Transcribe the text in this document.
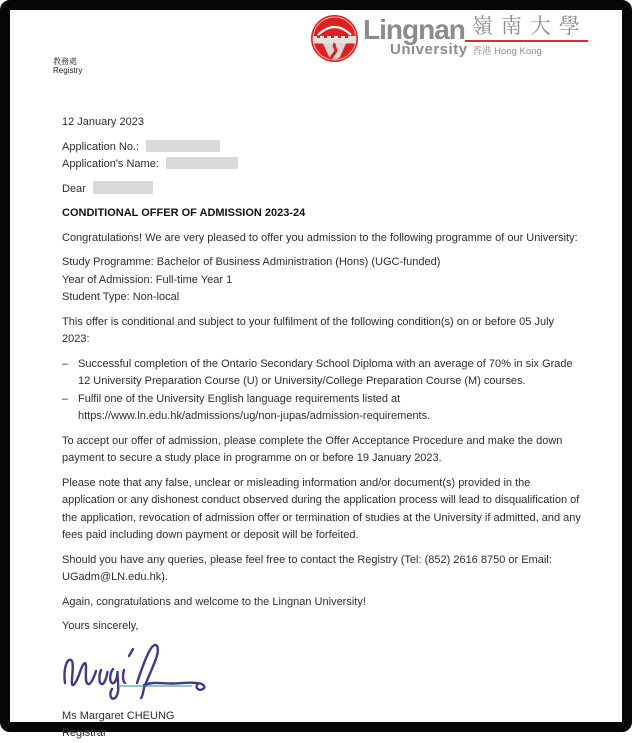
教務處
Registry
Lingnan 嶺南大學
University 香港 Hong Kong

12 January 2023

Application No.:
Application's Name:

Dear

CONDITIONAL OFFER OF ADMISSION 2023-24

Congratulations! We are very pleased to offer you admission to the following programme of our University:

Study Programme: Bachelor of Business Administration (Hons) (UGC-funded)
Year of Admission: Full-time Year 1
Student Type: Non-local

This offer is conditional and subject to your fulfilment of the following condition(s) on or before 05 July 2023:

– Successful completion of the Ontario Secondary School Diploma with an average of 70% in six Grade 12 University Preparation Course (U) or University/College Preparation Course (M) courses.
– Fulfil one of the University English language requirements listed at https://www.ln.edu.hk/admissions/ug/non-jupas/admission-requirements.

To accept our offer of admission, please complete the Offer Acceptance Procedure and make the down payment to secure a study place in programme on or before 19 January 2023.

Please note that any false, unclear or misleading information and/or document(s) provided in the application or any dishonest conduct observed during the application process will lead to disqualification of the application, revocation of admission offer or termination of studies at the University if admitted, and any fees paid including down payment or deposit will be forfeited.

Should you have any queries, please feel free to contact the Registry (Tel: (852) 2616 8750 or Email: UGadm@LN.edu.hk).

Again, congratulations and welcome to the Lingnan University!

Yours sincerely,

Ms Margaret CHEUNG
Registrar
